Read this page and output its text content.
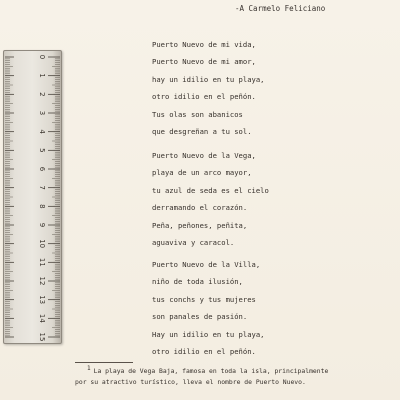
-A Carmelo Feliciano
Puerto Nuevo de mi vida,
Puerto Nuevo de mi amor,
hay un idilio en tu playa,
otro idilio en el peñón.
Tus olas son abanicos
que desgreñan a tu sol.
Puerto Nuevo de la Vega,
playa de un arco mayor,
tu azul de seda es el cielo
derramando el corazón.
Peña, peñones, peñita,
aguaviva y caracol.
Puerto Nuevo de la Villa,
niño de toda ilusión,
tus conchs y tus mujeres
son panales de pasión.
Hay un idilio en tu playa,
otro idilio en el peñón.
1 La playa de Vega Baja, famosa en toda la isla, principalmente
por su atractivo turístico, lleva el nombre de Puerto Nuevo.
0
1
2
3
4
5
6
7
8
9
10
11
12
13
14
15
